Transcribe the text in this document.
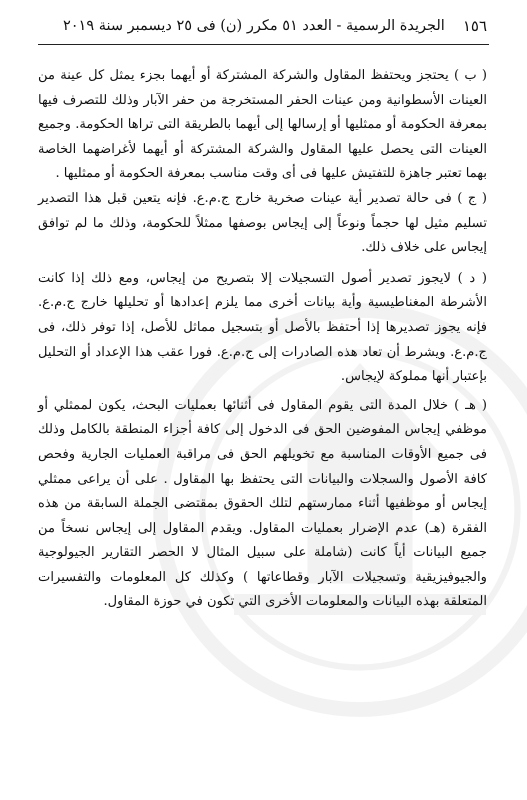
١٥٦
الجريدة الرسمية - العدد ٥١ مكرر (ن) فى ٢٥ ديسمبر سنة ٢٠١٩

( ب ) يحتجز ويحتفظ المقاول والشركة المشتركة أو أيهما بجزء يمثل كل عينة من العينات الأسطوانية ومن عينات الحفر المستخرجة من حفر الآبار وذلك للتصرف فيها بمعرفة الحكومة أو ممثليها أو إرسالها إلى أيهما بالطريقة التى تراها الحكومة. وجميع العينات التى يحصل عليها المقاول والشركة المشتركة أو أيهما لأغراضهما الخاصة بهما تعتبر جاهزة للتفتيش عليها فى أى وقت مناسب بمعرفة الحكومة أو ممثليها .

( ج ) فى حالة تصدير أية عينات صخرية خارج ج.م.ع. فإنه يتعين قبل هذا التصدير تسليم مثيل لها حجماً ونوعاً إلى إيجاس بوصفها ممثلاً للحكومة، وذلك ما لم توافق إيجاس على خلاف ذلك.

( د ) لايجوز تصدير أصول التسجيلات إلا بتصريح من إيجاس، ومع ذلك إذا كانت الأشرطة المغناطيسية وأية بيانات أخرى مما يلزم إعدادها أو تحليلها خارج ج.م.ع. فإنه يجوز تصديرها إذا أحتفظ بالأصل أو بتسجيل مماثل للأصل، إذا توفر ذلك، فى ج.م.ع. ويشرط أن تعاد هذه الصادرات إلى ج.م.ع. فورا عقب هذا الإعداد أو التحليل بإعتبار أنها مملوكة لإيجاس.

( هـ ) خلال المدة التى يقوم المقاول فى أثنائها بعمليات البحث، يكون لممثلي أو موظفي إيجاس المفوضين الحق فى الدخول إلى كافة أجزاء المنطقة بالكامل وذلك فى جميع الأوقات المناسبة مع تخويلهم الحق فى مراقبة العمليات الجارية وفحص كافة الأصول والسجلات والبيانات التى يحتفظ بها المقاول . على أن يراعى ممثلي إيجاس أو موظفيها أثناء ممارستهم لتلك الحقوق بمقتضى الجملة السابقة من هذه الفقرة (هـ) عدم الإضرار بعمليات المقاول. ويقدم المقاول إلى إيجاس نسخاً من جميع البيانات أياً كانت (شاملة على سبيل المثال لا الحصر التقارير الجيولوجية والجيوفيزيقية وتسجيلات الآبار وقطاعاتها ) وكذلك كل المعلومات والتفسيرات المتعلقة بهذه البيانات والمعلومات الأخرى التي تكون في حوزة المقاول.
